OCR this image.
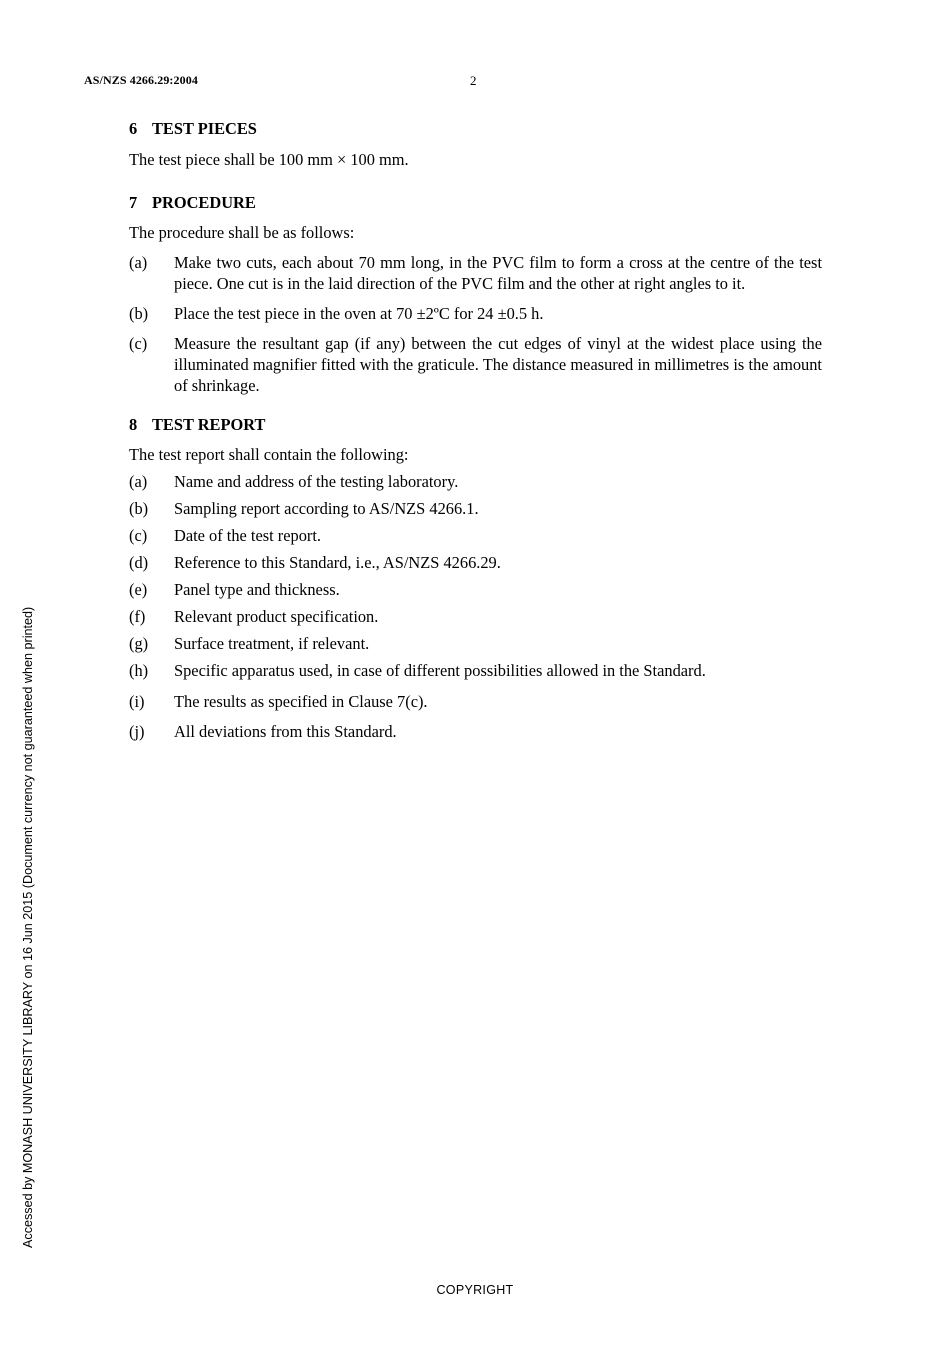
AS/NZS 4266.29:2004	2
6 TEST PIECES

The test piece shall be 100 mm × 100 mm.

7 PROCEDURE

The procedure shall be as follows:

(a)	Make two cuts, each about 70 mm long, in the PVC film to form a cross at the centre of the test piece. One cut is in the laid direction of the PVC film and the other at right angles to it.
(b)	Place the test piece in the oven at 70 ±2ºC for 24 ±0.5 h.
(c)	Measure the resultant gap (if any) between the cut edges of vinyl at the widest place using the illuminated magnifier fitted with the graticule. The distance measured in millimetres is the amount of shrinkage.
8 TEST REPORT

The test report shall contain the following:

(a)	Name and address of the testing laboratory.
(b)	Sampling report according to AS/NZS 4266.1.
(c)	Date of the test report.
(d)	Reference to this Standard, i.e., AS/NZS 4266.29.
(e)	Panel type and thickness.
(f)	Relevant product specification.
(g)	Surface treatment, if relevant.
(h)	Specific apparatus used, in case of different possibilities allowed in the Standard.
(i)	The results as specified in Clause 7(c).
(j)	All deviations from this Standard.
Accessed by MONASH UNIVERSITY LIBRARY on 16 Jun 2015 (Document currency not guaranteed when printed)
COPYRIGHT
